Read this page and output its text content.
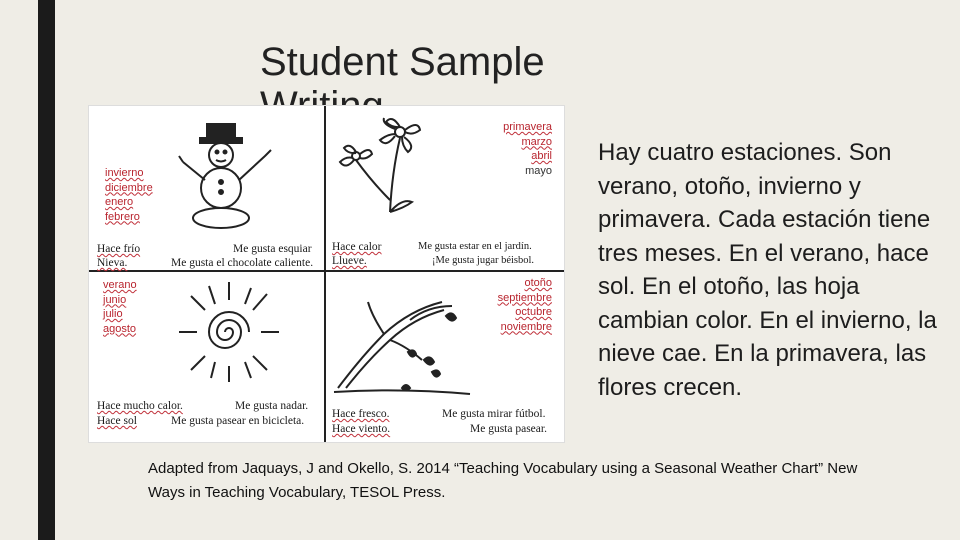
Student Sample
invierno
diciembre
enero
febrero
Hace frío
Nieva.
Me gusta esquiar
Me gusta el chocolate caliente.
primavera
marzo
abril
mayo
Hace calor
Llueve.
Me gusta estar en el jardín.
¡Me gusta jugar béisbol.
verano
junio
julio
agosto
Hace mucho calor.
Hace sol
Me gusta nadar.
Me gusta pasear en bicicleta.
otoño
septiembre
octubre
noviembre
Hace fresco.
Hace viento.
Me gusta mirar fútbol.
Me gusta pasear.
Hay cuatro estaciones. Son verano, otoño, invierno y primavera. Cada estación tiene tres meses. En el verano, hace sol. En el otoño, las hoja cambian color. En el invierno, la nieve cae. En la primavera, las flores crecen.
Adapted from Jaquays, J and Okello, S. 2014 “Teaching Vocabulary using a Seasonal Weather Chart” New Ways in Teaching Vocabulary, TESOL Press.
